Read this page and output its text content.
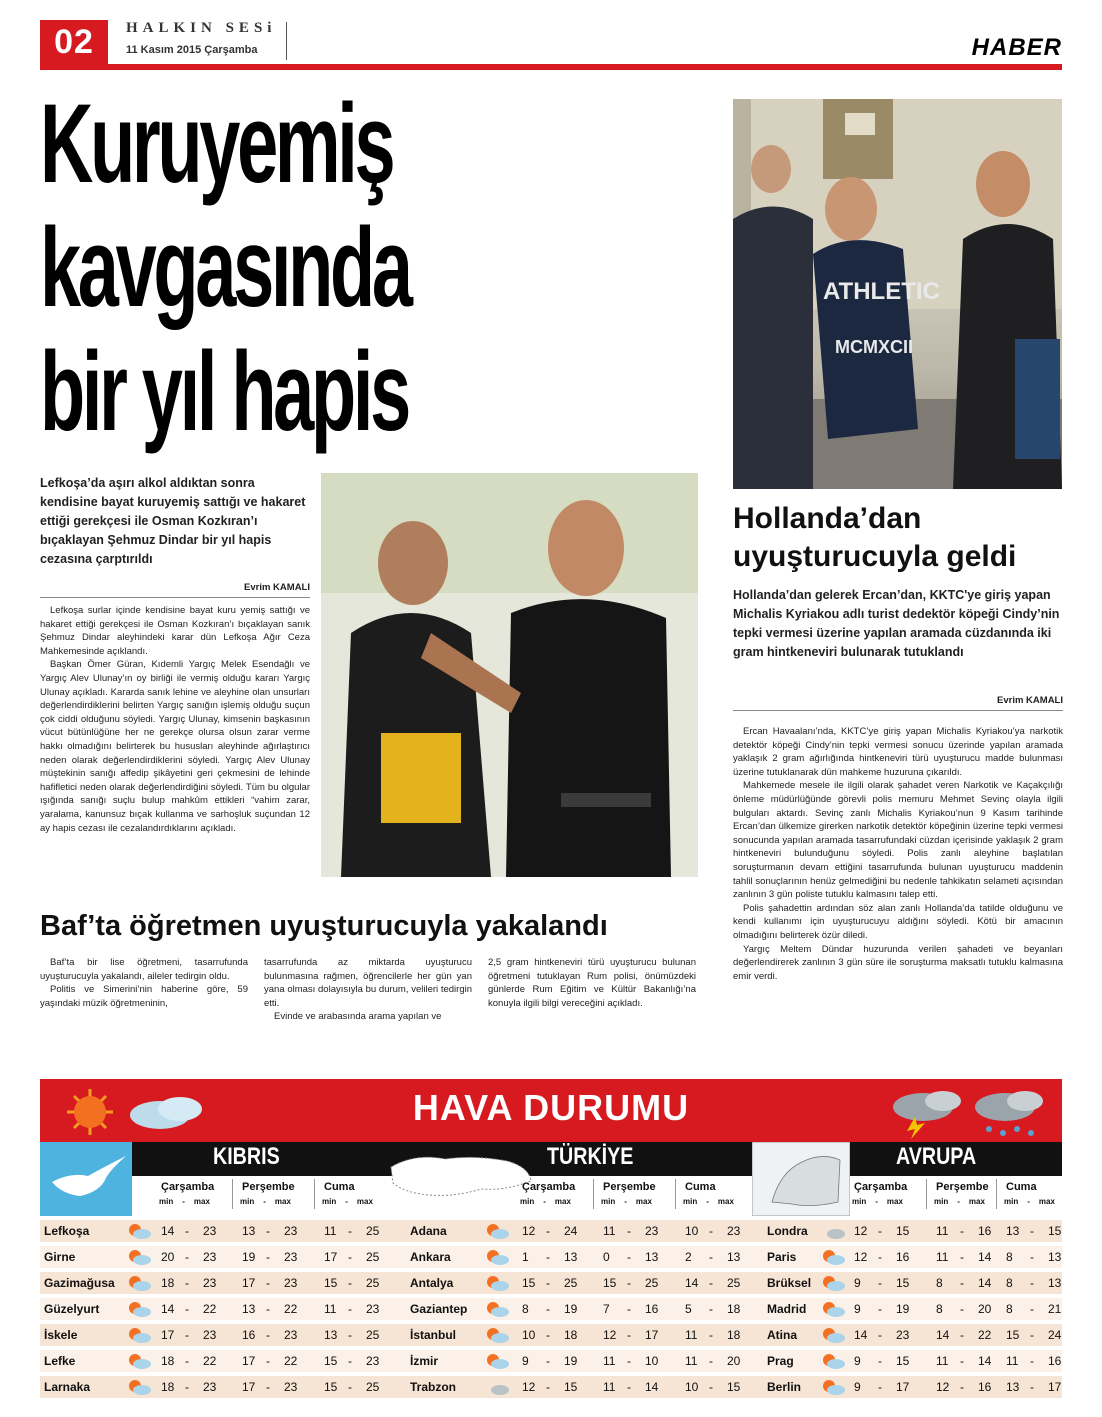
02	HALKIN SESi
11 Kasım 2015 Çarşamba	HABER
Kuruyemiş
kavgasında
bir yıl hapis
ATHLETIC
MCMXCII
Lefkoşa’da aşırı alkol aldıktan sonra kendisine bayat kuruyemiş sattığı ve hakaret ettiği gerekçesi ile Osman Kozkıran’ı bıçaklayan Şehmuz Dindar bir yıl hapis cezasına çarptırıldı
Evrim KAMALI

Lefkoşa surlar içinde kendisine bayat kuru yemiş sattığı ve hakaret ettiği gerekçesi ile Osman Kozkıran’ı bıçaklayan sanık Şehmuz Dindar aleyhindeki karar dün Lefkoşa Ağır Ceza Mahkemesinde açıklandı.

Başkan Ömer Güran, Kıdemli Yargıç Melek Esendağlı ve Yargıç Alev Ulunay’ın oy birliği ile vermiş olduğu kararı Yargıç Ulunay açıkladı. Kararda sanık lehine ve aleyhine olan unsurları değerlendirdiklerini belirten Yargıç sanığın işlemiş olduğu suçun çok ciddi olduğunu söyledi. Yargıç Ulunay, kimsenin başkasının vücut bütünlüğüne her ne gerekçe olursa olsun zarar verme hakkı olmadığını belirterek bu hususları aleyhinde ağırlaştırıcı neden olarak değerlendirdiklerini söyledi. Yargıç Alev Ulunay müştekinin sanığı affedip şikâyetini geri çekmesini de lehinde hafifletici neden olarak değerlendirdiğini söyledi. Tüm bu olgular ışığında sanığı suçlu bulup mahkûm ettikleri “vahim zarar, yaralama, kanunsuz bıçak kullanma ve sarhoşluk suçundan 12 ay hapis cezası ile cezalandırdıklarını açıkladı.

Hollanda’dan uyuşturucuyla geldi
Hollanda’dan gelerek Ercan’dan, KKTC'ye giriş yapan Michalis Kyriakou adlı turist dedektör köpeği Cindy’nin tepki vermesi üzerine yapılan aramada cüzdanında iki gram hintkeneviri bulunarak tutuklandı
Evrim KAMALI

Ercan Havaalanı’nda, KKTC’ye giriş yapan Michalis Kyriakou’ya narkotik detektör köpeği Cindy’nin tepki vermesi sonucu üzerinde yapılan aramada yaklaşık 2 gram ağırlığında hintkeneviri türü uyuşturucu madde bulunması üzerine tutuklanarak dün mahkeme huzuruna çıkarıldı.

Mahkemede mesele ile ilgili olarak şahadet veren Narkotik ve Kaçakçılığı önleme müdürlüğünde görevli polis memuru Mehmet Sevinç olayla ilgili bulguları aktardı. Sevinç zanlı Michalis Kyriakou’nun 9 Kasım tarihinde Ercan’dan ülkemize girerken narkotik detektör köpeğinin üzerine tepki vermesi sonucunda yapılan aramada tasarrufundaki cüzdan içerisinde yaklaşık 2 gram hintkeneviri bulunduğunu söyledi. Polis zanlı aleyhine başlatılan soruşturmanın devam ettiğini tasarrufunda bulunan uyuşturucu maddenin tahlil sonuçlarının henüz gelmediğini bu nedenle tahkikatın selameti açısından zanlının 3 gün poliste tutuklu kalmasını talep etti.

Polis şahadettin ardından söz alan zanlı Hollanda’da tatilde olduğunu ve kendi kullanımı için uyuşturucuyu aldığını söyledi. Kötü bir amacının olmadığını belirterek özür diledi.

Yargıç Meltem Dündar huzurunda verilen şahadeti ve beyanları değerlendirerek zanlının 3 gün süre ile soruşturma maksatlı tutuklu kalmasına emir verdi.

Baf’ta öğretmen uyuşturucuyla yakalandı

Baf’ta bir lise öğretmeni, tasarrufunda uyuşturucuyla yakalandı, aileler tedirgin oldu.

Politis ve Simerini’nin haberine göre, 59 yaşındaki müzik öğretmeninin,

tasarrufunda az miktarda uyuşturucu bulunmasına rağmen, öğrencilerle her gün yan yana olması dolayısıyla bu durum, velileri tedirgin etti.

Evinde ve arabasında arama yapılan ve

2,5 gram hintkeneviri türü uyuşturucu bulunan öğretmeni tutuklayan Rum polisi, önümüzdeki günlerde Rum Eğitim ve Kültür Bakanlığı’na konuyla ilgili bilgi vereceğini açıkladı.

HAVA DURUMU
KIBRIS	TÜRKİYE	AVRUPA
Çarşamba
min - max
Perşembe
min - max
Cuma
min - max
Lefkoşa	14 - 23 13 - 23 11 - 25
Girne	20 - 23 19 - 23 17 - 25
Gazimağusa	18 - 23 17 - 23 15 - 25
Güzelyurt	14 - 22 13 - 22 11 - 23
İskele	17 - 23 16 - 23 13 - 25
Lefke	18 - 22 17 - 22 15 - 23
Larnaka	18 - 23 17 - 23 15 - 25
Çarşamba
min - max
Perşembe
min - max
Cuma
min - max
Adana	12 - 24 11 - 23 10 - 23
Ankara	1 - 13 0 - 13 2 - 13
Antalya	15 - 25 15 - 25 14 - 25
Gaziantep	8 - 19 7 - 16 5 - 18
İstanbul	10 - 18 12 - 17 11 - 18
İzmir	9 - 19 11 - 10 11 - 20
Trabzon	12 - 15 11 - 14 10 - 15
Çarşamba
min - max
Perşembe
min - max
Cuma
min - max
Londra	12 - 15 11 - 16 13 - 15
Paris	12 - 16 11 - 14 8 - 13
Brüksel	9 - 15 8 - 14 8 - 13
Madrid	9 - 19 8 - 20 8 - 21
Atina	14 - 23 14 - 22 15 - 24
Prag	9 - 15 11 - 14 11 - 16
Berlin	9 - 17 12 - 16 13 - 17
